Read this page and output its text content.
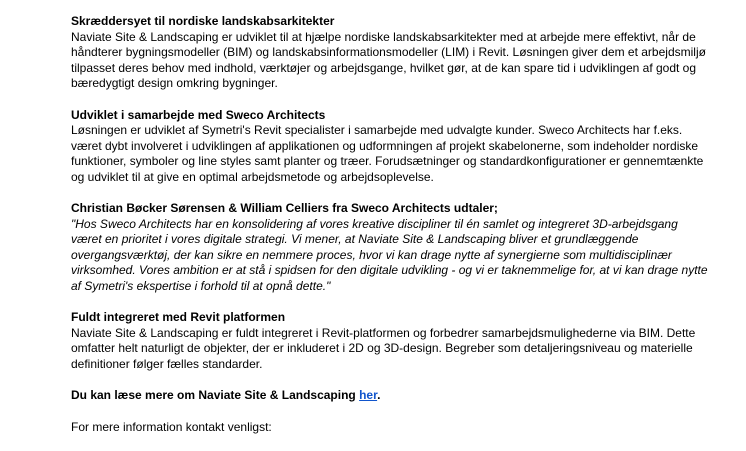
Skræddersyet til nordiske landskabsarkitekter
Naviate Site & Landscaping er udviklet til at hjælpe nordiske landskabsarkitekter med at arbejde mere effektivt, når de håndterer bygningsmodeller (BIM) og landskabsinformationsmodeller (LIM) i Revit. Løsningen giver dem et arbejdsmiljø tilpasset deres behov med indhold, værktøjer og arbejdsgange, hvilket gør, at de kan spare tid i udviklingen af godt og bæredygtigt design omkring bygninger.
Udviklet i samarbejde med Sweco Architects
Løsningen er udviklet af Symetri's Revit specialister i samarbejde med udvalgte kunder. Sweco Architects har f.eks. været dybt involveret i udviklingen af applikationen og udformningen af projekt skabelonerne, som indeholder nordiske funktioner, symboler og line styles samt planter og træer. Forudsætninger og standardkonfigurationer er gennemtænkte og udviklet til at give en optimal arbejdsmetode og arbejdsoplevelse.
Christian Bøcker Sørensen & William Celliers fra Sweco Architects udtaler;
"Hos Sweco Architects har en konsolidering af vores kreative discipliner til én samlet og integreret 3D-arbejdsgang været en prioritet i vores digitale strategi. Vi mener, at Naviate Site & Landscaping bliver et grundlæggende overgangsværktøj, der kan sikre en nemmere proces, hvor vi kan drage nytte af synergierne som multidisciplinær virksomhed. Vores ambition er at stå i spidsen for den digitale udvikling - og vi er taknemmelige for, at vi kan drage nytte af Symetri's ekspertise i forhold til at opnå dette."
Fuldt integreret med Revit platformen
Naviate Site & Landscaping er fuldt integreret i Revit-platformen og forbedrer samarbejdsmulighederne via BIM. Dette omfatter helt naturligt de objekter, der er inkluderet i 2D og 3D-design. Begreber som detaljeringsniveau og materielle definitioner følger fælles standarder.
Du kan læse mere om Naviate Site & Landscaping her.
For mere information kontakt venligst:
